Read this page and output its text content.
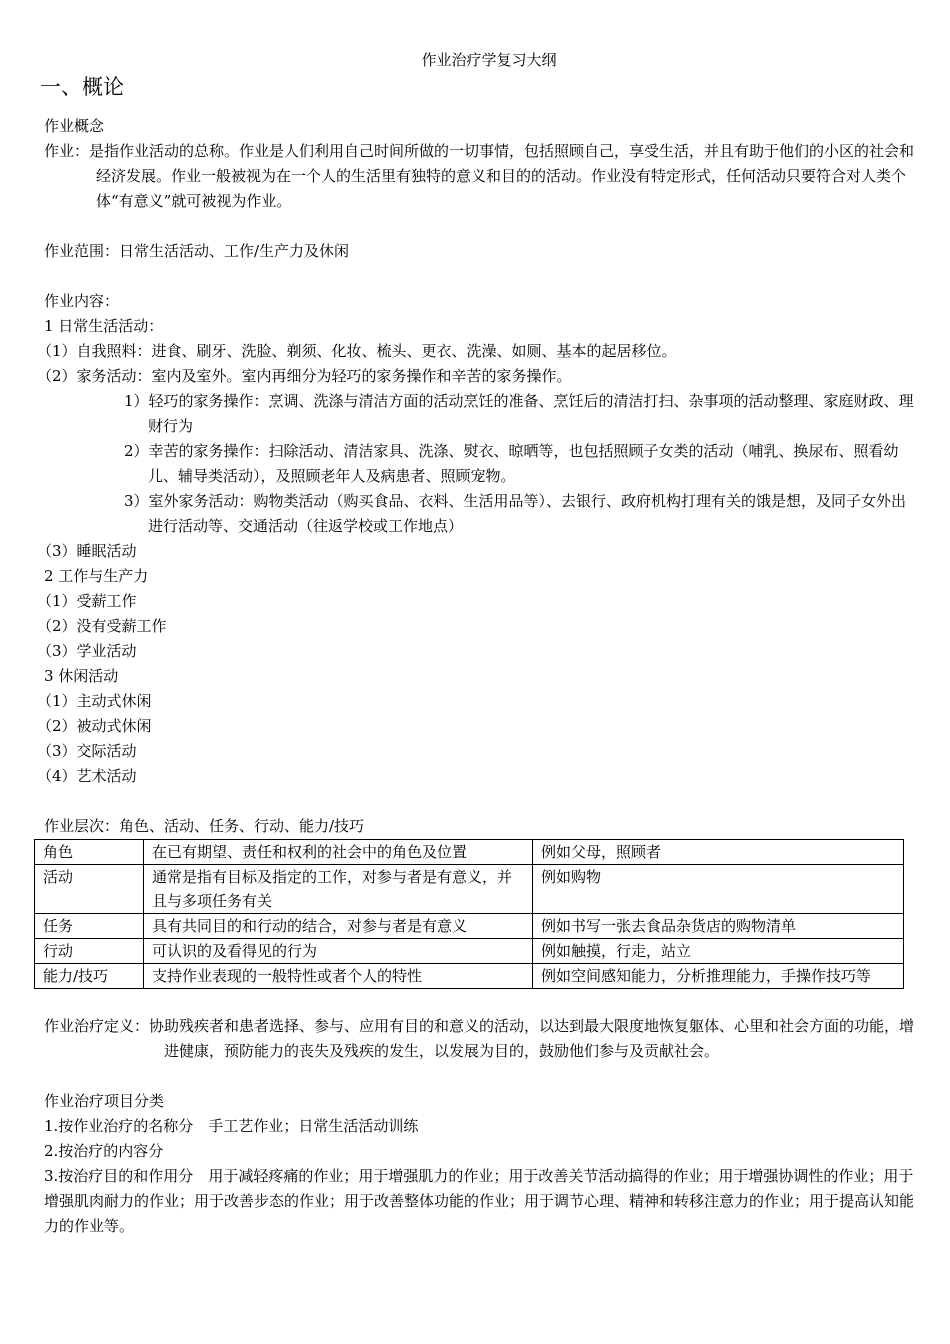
作业治疗学复习大纲

一、概论

作业概念

作业：是指作业活动的总称。作业是人们利用自己时间所做的一切事情，包括照顾自己，享受生活，并且有助于他们的小区的社会和经济发展。作业一般被视为在一个人的生活里有独特的意义和目的的活动。作业没有特定形式，任何活动只要符合对人类个体“有意义”就可被视为作业。

作业范围：日常生活活动、工作/生产力及休闲

作业内容：

1 日常生活活动：

（1）自我照料：进食、刷牙、洗脸、剃须、化妆、梳头、更衣、洗澡、如厕、基本的起居移位。

（2）家务活动：室内及室外。室内再细分为轻巧的家务操作和辛苦的家务操作。

1）轻巧的家务操作：烹调、洗涤与清洁方面的活动烹饪的准备、烹饪后的清洁打扫、杂事项的活动整理、家庭财政、理财行为

2）幸苦的家务操作：扫除活动、清洁家具、洗涤、熨衣、晾晒等，也包括照顾子女类的活动（哺乳、换尿布、照看幼儿、辅导类活动），及照顾老年人及病患者、照顾宠物。

3）室外家务活动：购物类活动（购买食品、衣料、生活用品等）、去银行、政府机构打理有关的饿是想，及同子女外出进行活动等、交通活动（往返学校或工作地点）

（3）睡眠活动

2 工作与生产力

（1）受薪工作

（2）没有受薪工作

（3）学业活动

3 休闲活动

（1）主动式休闲

（2）被动式休闲

（3）交际活动

（4）艺术活动

作业层次：角色、活动、任务、行动、能力/技巧

角色	在已有期望、责任和权利的社会中的角色及位置	例如父母，照顾者
活动	通常是指有目标及指定的工作，对参与者是有意义，并且与多项任务有关	例如购物
任务	具有共同目的和行动的结合，对参与者是有意义	例如书写一张去食品杂货店的购物清单
行动	可认识的及看得见的行为	例如触摸，行走，站立
能力/技巧	支持作业表现的一般特性或者个人的特性	例如空间感知能力，分析推理能力，手操作技巧等

作业治疗定义：协助残疾者和患者选择、参与、应用有目的和意义的活动，以达到最大限度地恢复躯体、心里和社会方面的功能，增进健康，预防能力的丧失及残疾的发生，以发展为目的，鼓励他们参与及贡献社会。

作业治疗项目分类

1.按作业治疗的名称分　手工艺作业；日常生活活动训练

2.按治疗的内容分

3.按治疗目的和作用分　用于减轻疼痛的作业；用于增强肌力的作业；用于改善关节活动搞得的作业；用于增强协调性的作业；用于增强肌肉耐力的作业；用于改善步态的作业；用于改善整体功能的作业；用于调节心理、精神和转移注意力的作业；用于提高认知能力的作业等。
